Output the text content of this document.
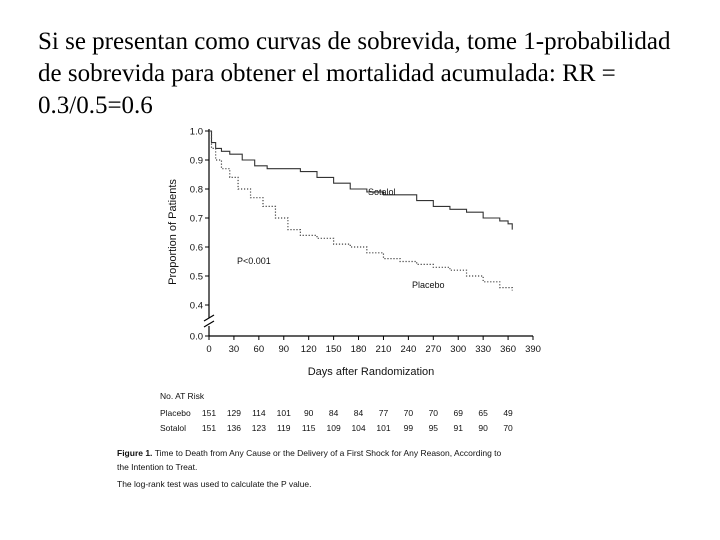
Si se presentan como curvas de sobrevida, tome 1-probabilidad de sobrevida para obtener el mortalidad acumulada: RR = 0.3/0.5=0.6
1.0
0.9
0.8
0.7
0.6
0.5
0.4
0.0
0 30 60 90 120 150 180 210 240 270 300 330 360 390
Days after Randomization
Proportion of Patients	Sotalol
Placebo
P<0.001
No. AT Risk
Placebo 151 129 114 101 90 84 84 77 70 70 69 65 49
Sotalol 151 136 123 119 115 109 104 101 99 95 91 90 70
Figure 1. Time to Death from Any Cause or the Delivery of a First Shock for Any Reason, According to
the Intention to Treat.
The log-rank test was used to calculate the P value.
